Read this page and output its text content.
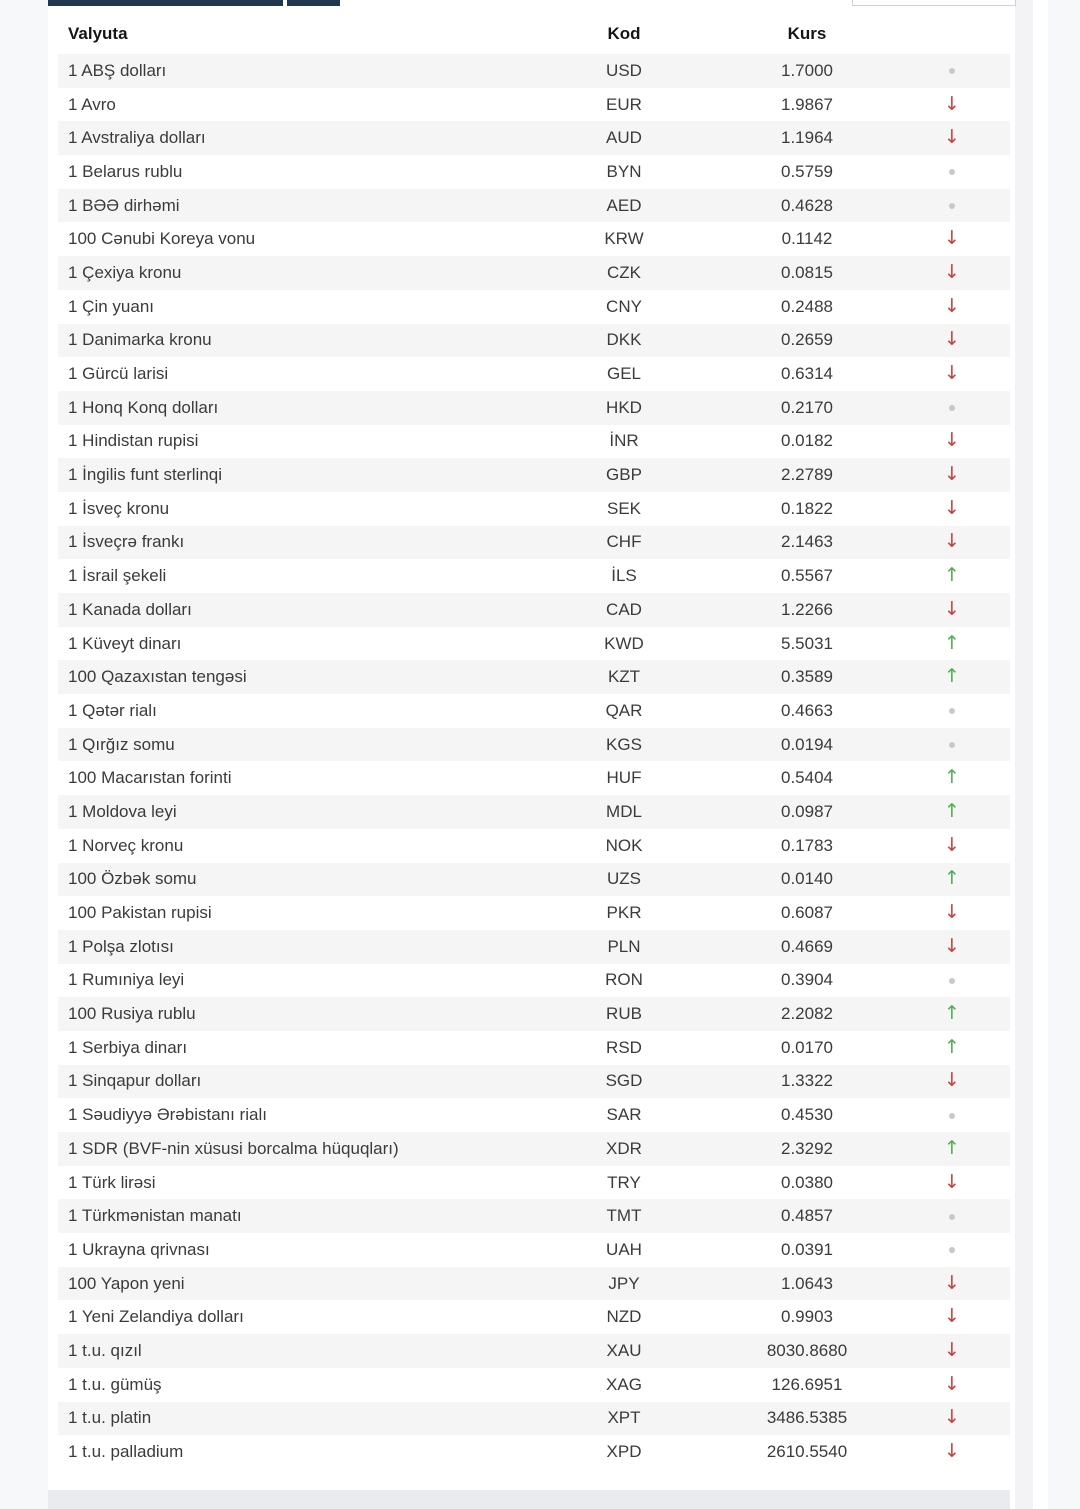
Valyuta	Kod	Kurs
1 ABŞ dolları	USD	1.7000
1 Avro	EUR	1.9867	↓
1 Avstraliya dolları	AUD	1.1964	↓
1 Belarus rublu	BYN	0.5759
1 BƏƏ dirhəmi	AED	0.4628
100 Cənubi Koreya vonu	KRW	0.1142	↓
1 Çexiya kronu	CZK	0.0815	↓
1 Çin yuanı	CNY	0.2488	↓
1 Danimarka kronu	DKK	0.2659	↓
1 Gürcü larisi	GEL	0.6314	↓
1 Honq Konq dolları	HKD	0.2170
1 Hindistan rupisi	İNR	0.0182	↓
1 İngilis funt sterlinqi	GBP	2.2789	↓
1 İsveç kronu	SEK	0.1822	↓
1 İsveçrə frankı	CHF	2.1463	↓
1 İsrail şekeli	İLS	0.5567	↑
1 Kanada dolları	CAD	1.2266	↓
1 Küveyt dinarı	KWD	5.5031	↑
100 Qazaxıstan tengəsi	KZT	0.3589	↑
1 Qətər rialı	QAR	0.4663
1 Qırğız somu	KGS	0.0194
100 Macarıstan forinti	HUF	0.5404	↑
1 Moldova leyi	MDL	0.0987	↑
1 Norveç kronu	NOK	0.1783	↓
100 Özbək somu	UZS	0.0140	↑
100 Pakistan rupisi	PKR	0.6087	↓
1 Polşa zlotısı	PLN	0.4669	↓
1 Rumıniya leyi	RON	0.3904
100 Rusiya rublu	RUB	2.2082	↑
1 Serbiya dinarı	RSD	0.0170	↑
1 Sinqapur dolları	SGD	1.3322	↓
1 Səudiyyə Ərəbistanı rialı	SAR	0.4530
1 SDR (BVF-nin xüsusi borcalma hüquqları)	XDR	2.3292	↑
1 Türk lirəsi	TRY	0.0380	↓
1 Türkmənistan manatı	TMT	0.4857
1 Ukrayna qrivnası	UAH	0.0391
100 Yapon yeni	JPY	1.0643	↓
1 Yeni Zelandiya dolları	NZD	0.9903	↓
1 t.u. qızıl	XAU	8030.8680	↓
1 t.u. gümüş	XAG	126.6951	↓
1 t.u. platin	XPT	3486.5385	↓
1 t.u. palladium	XPD	2610.5540	↓
